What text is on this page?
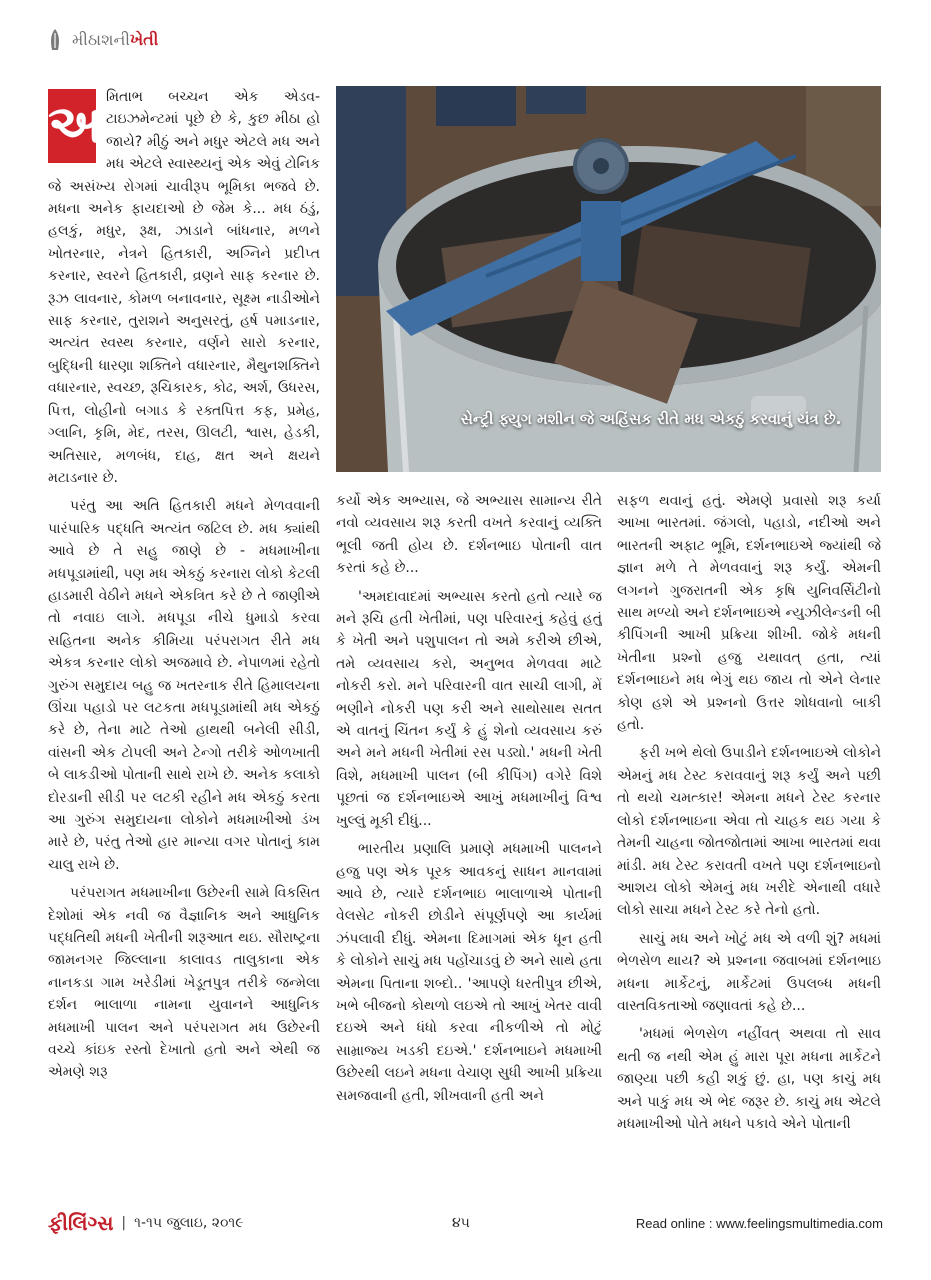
મીઠાશની ખેતી
સેન્ટ્રી ફ્યુગ મશીન જે અહિંસક રીતે મધ એકઠું કરવાનું યંત્ર છે.
અ મિતાભ બચ્ચન એક એડવ-ટાઇઝમેન્ટમાં પૂછે છે કે, કુછ મીઠા હો જાયે? મીઠું અને મધુર એટલે મધ અને મધ એટલે સ્વાસ્થ્યનું એક એવું ટોનિક જે અસંખ્ય રોગમાં ચાવીરૂપ ભૂમિકા ભજવે છે. મધના અનેક ફાયદાઓ છે જેમ કે... મધ ઠંડું, હલકું, મધુર, રૂક્ષ, ઝાડાને બાંધનાર, મળને ખોતરનાર, નેત્રને હિતકારી, અગ્નિને પ્રદીપ્ત કરનાર, સ્વરને હિતકારી, વ્રણને સાફ કરનાર છે. રૂઝ લાવનાર, કોમળ બનાવનાર, સૂક્ષ્મ નાડીઓને સાફ કરનાર, તુરાશને અનુસરતું, હર્ષ પમાડનાર, અત્યંત સ્વસ્થ કરનાર, વર્ણને સારો કરનાર, બુદ્ધિની ધારણા શક્તિને વધારનાર, મૈથુનશક્તિને વધારનાર, સ્વચ્છ, રૂચિકારક, કોઢ, અર્શ, ઉધરસ, પિત્ત, લોહીનો બગાડ કે રક્તપિત્ત કફ, પ્રમેહ, ગ્લાનિ, કૃમિ, મેદ, તરસ, ઊલટી, શ્વાસ, હેડકી, અતિસાર, મળબંધ, દાહ, ક્ષત અને ક્ષયને મટાડનાર છે.

પરંતુ આ અતિ હિતકારી મધને મેળવવાની પારંપારિક પદ્ધતિ અત્યંત જટિલ છે. મધ ક્યાંથી આવે છે તે સહુ જાણે છે - મધમાખીના મધપૂડામાંથી, પણ મધ એકઠું કરનારા લોકો કેટલી હાડમારી વેઠીને મધને એકત્રિત કરે છે તે જાણીએ તો નવાઇ લાગે. મધપૂડા નીચે ધુમાડો કરવા સહિતના અનેક કીમિયા પરંપરાગત રીતે મધ એકત્ર કરનાર લોકો અજમાવે છે. નેપાળમાં રહેતો ગુરુંગ સમુદાય બહુ જ ખતરનાક રીતે હિમાલયના ઊંચા પહાડો પર લટકતા મધપૂડામાંથી મધ એકઠું કરે છે, તેના માટે તેઓ હાથથી બનેલી સીડી, વાંસની એક ટોપલી અને ટેન્ગો તરીકે ઓળખાતી બે લાકડીઓ પોતાની સાથે રાખે છે. અનેક કલાકો દોરડાની સીડી પર લટકી રહીને મધ એકઠું કરતા આ ગુરુંગ સમુદાયના લોકોને મધમાખીઓ ડંખ મારે છે, પરંતુ તેઓ હાર માન્યા વગર પોતાનું કામ ચાલુ રાખે છે.

પરંપરાગત મધમાખીના ઉછેરની સામે વિકસિત દેશોમાં એક નવી જ વૈજ્ઞાનિક અને આધુનિક પદ્ધતિથી મધની ખેતીની શરૂઆત થઇ. સૌરાષ્ટ્રના જામનગર જિલ્લાના કાલાવડ તાલુકાના એક નાનકડા ગામ ખરેડીમાં ખેડૂતપુત્ર તરીકે જન્મેલા દર્શન ભાલાળા નામના યુવાનને આધુનિક મધમાખી પાલન અને પરંપરાગત મધ ઉછેરની વચ્ચે કાંઇક રસ્તો દેખાતો હતો અને એથી જ એમણે શરૂ

કર્યો એક અભ્યાસ, જે અભ્યાસ સામાન્ય રીતે નવો વ્યવસાય શરૂ કરતી વખતે કરવાનું વ્યક્તિ ભૂલી જતી હોય છે. દર્શનભાઇ પોતાની વાત કરતાં કહે છે...

'અમદાવાદમાં અભ્યાસ કરતો હતો ત્યારે જ મને રૂચિ હતી ખેતીમાં, પણ પરિવારનું કહેવું હતું કે ખેતી અને પશુપાલન તો અમે કરીએ છીએ, તમે વ્યવસાય કરો, અનુભવ મેળવવા માટે નોકરી કરો. મને પરિવારની વાત સાચી લાગી, મેં ભણીને નોકરી પણ કરી અને સાથોસાથ સતત એ વાતનું ચિંતન કર્યું કે હું શેનો વ્યવસાય કરું અને મને મધની ખેતીમાં રસ પડ્યો.' મધની ખેતી વિશે, મધમાખી પાલન (બી કીપિંગ) વગેરે વિશે પૂછતાં જ દર્શનભાઇએ આખું મધમાખીનું વિશ્વ ખુલ્લું મૂકી દીધું...

ભારતીય પ્રણાલિ પ્રમાણે મધમાખી પાલનને હજુ પણ એક પૂરક આવકનું સાધન માનવામાં આવે છે, ત્યારે દર્શનભાઇ ભાલાળાએ પોતાની વેલસેટ નોકરી છોડીને સંપૂર્ણપણે આ કાર્યમાં ઝંપલાવી દીધું. એમના દિમાગમાં એક ધૂન હતી કે લોકોને સાચું મધ પહોંચાડવું છે અને સાથે હતા એમના પિતાના શબ્દો.. 'આપણે ધરતીપુત્ર છીએ, ખભે બીજનો કોથળો લઇએ તો આખું ખેતર વાવી દઇએ અને ધંધો કરવા નીકળીએ તો મોટું સામ્રાજ્ય ખડકી દઇએ.' દર્શનભાઇને મધમાખી ઉછેરથી લઇને મધના વેચાણ સુધી આખી પ્રક્રિયા સમજવાની હતી, શીખવાની હતી અને

સફળ થવાનું હતું. એમણે પ્રવાસો શરૂ કર્યા આખા ભારતમાં. જંગલો, પહાડો, નદીઓ અને ભારતની અફાટ ભૂમિ, દર્શનભાઇએ જ્યાંથી જે જ્ઞાન મળે તે મેળવવાનું શરૂ કર્યું. એમની લગનને ગુજરાતની એક કૃષિ યુનિવર્સિટીનો સાથ મળ્યો અને દર્શનભાઇએ ન્યુઝીલેન્ડની બી કીપિંગની આખી પ્રક્રિયા શીખી. જોકે મધની ખેતીના પ્રશ્નો હજુ યથાવત્ હતા, ત્યાં દર્શનભાઇને મધ ભેગું થઇ જાય તો એને લેનાર કોણ હશે એ પ્રશ્નનો ઉત્તર શોધવાનો બાકી હતો.

ફરી ખભે થેલો ઉપાડીને દર્શનભાઇએ લોકોને એમનું મધ ટેસ્ટ કરાવવાનું શરૂ કર્યું અને પછી તો થયો ચમત્કાર! એમના મધને ટેસ્ટ કરનાર લોકો દર્શનભાઇના એવા તો ચાહક થઇ ગયા કે તેમની ચાહના જોતજોતામાં આખા ભારતમાં થવા માંડી. મધ ટેસ્ટ કરાવતી વખતે પણ દર્શનભાઇનો આશય લોકો એમનું મધ ખરીદે એનાથી વધારે લોકો સાચા મધને ટેસ્ટ કરે તેનો હતો.

સાચું મધ અને ખોટું મધ એ વળી શું? મધમાં ભેળસેળ થાય? એ પ્રશ્નના જવાબમાં દર્શનભાઇ મધના માર્કેટનું, માર્કેટમાં ઉપલબ્ધ મધની વાસ્તવિકતાઓ જણાવતાં કહે છે...

'મધમાં ભેળસેળ નહીંવત્ અથવા તો સાવ થતી જ નથી એમ હું મારા પૂરા મધના માર્કેટને જાણ્યા પછી કહી શકું છું. હા, પણ કાચું મધ અને પાકું મધ એ ભેદ જરૂર છે. કાચું મધ એટલે મધમાખીઓ પોતે મધને પકાવે એને પોતાની

ફીલિંગ્સ | ૧-૧૫ જુલાઇ, ૨૦૧૯	૪૫	Read online : www.feelingsmultimedia.com
